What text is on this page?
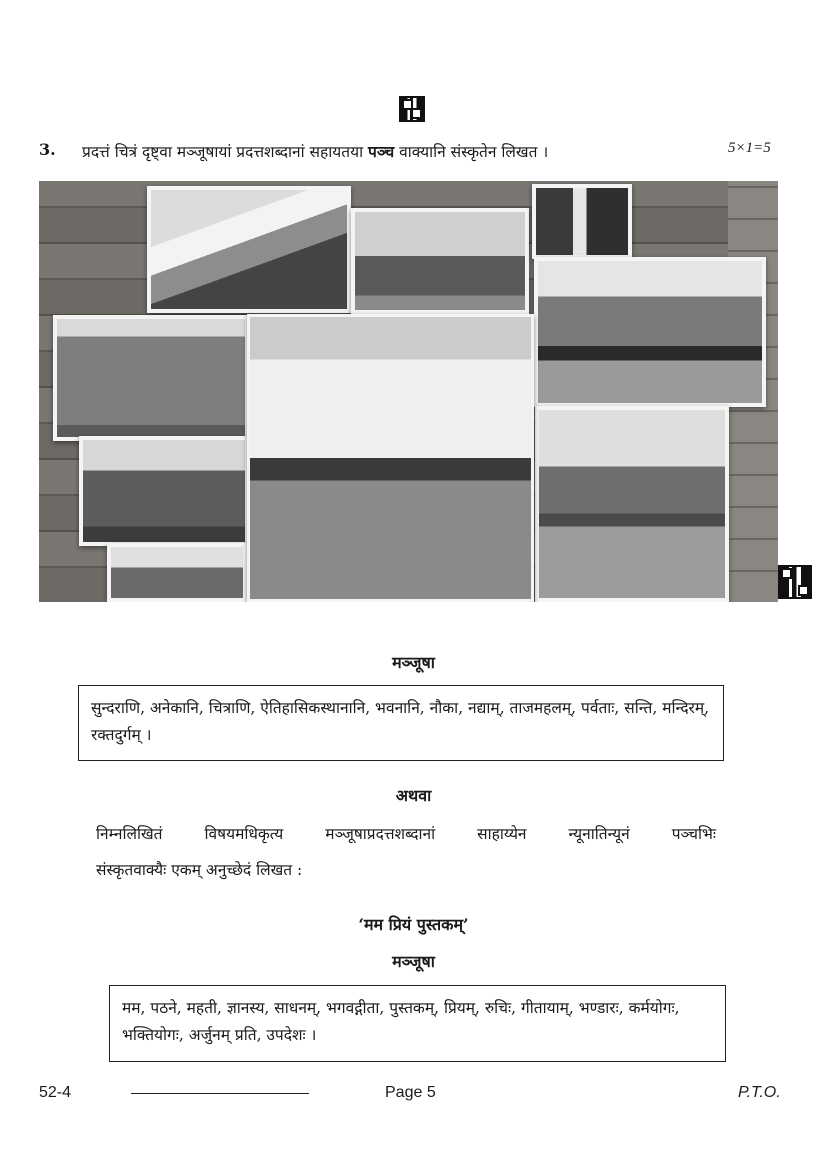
3. प्रदत्तं चित्रं दृष्ट्वा मञ्जूषायां प्रदत्तशब्दानां सहायतया पञ्च वाक्यानि संस्कृतेन लिखत ।	5×1=5
मञ्जूषा
सुन्दराणि, अनेकानि, चित्राणि, ऐतिहासिकस्थानानि, भवनानि, नौका, नद्याम्, ताजमहलम्, पर्वताः, सन्ति, मन्दिरम्, रक्तदुर्गम् ।
अथवा
निम्नलिखितं विषयमधिकृत्य मञ्जूषाप्रदत्तशब्दानां साहाय्येन न्यूनातिन्यूनं पञ्चभिः
संस्कृतवाक्यैः एकम् अनुच्छेदं लिखत :
‘मम प्रियं पुस्तकम्’
मञ्जूषा
मम, पठने, महती, ज्ञानस्य, साधनम्, भगवद्गीता, पुस्तकम्, प्रियम्, रुचिः, गीतायाम्, भण्डारः, कर्मयोगः, भक्तियोगः, अर्जुनम् प्रति, उपदेशः ।
52-4	Page 5	P.T.O.
